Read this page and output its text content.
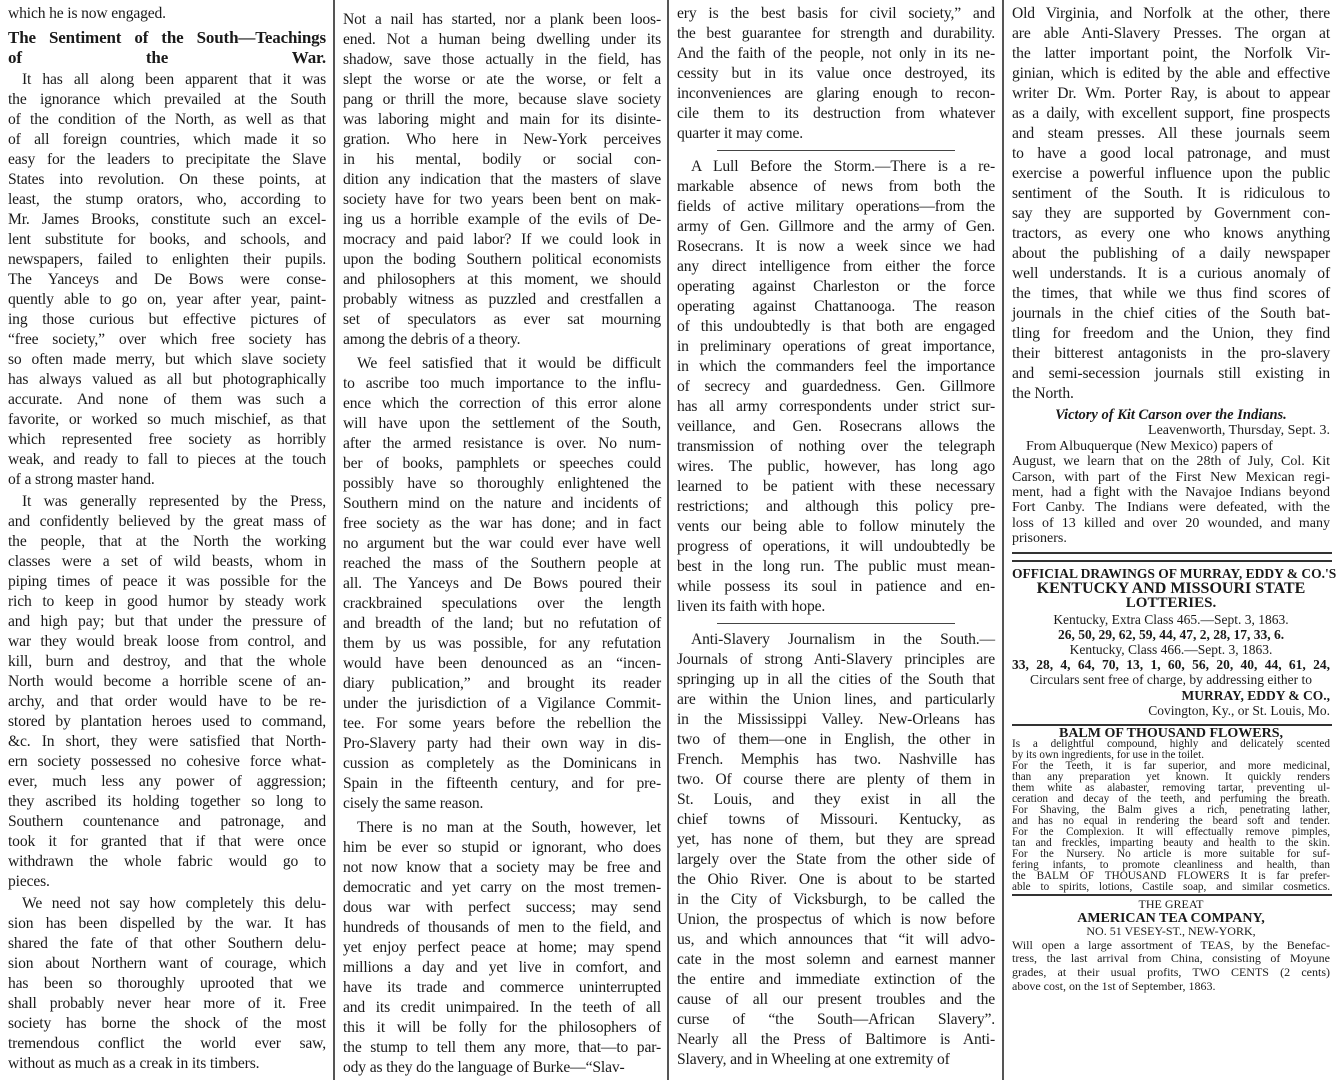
which he is now engaged.
The Sentiment of the South—Teachings
of the War.
It has all along been apparent that it was
the ignorance which prevailed at the South
of the condition of the North, as well as that
of all foreign countries, which made it so
easy for the leaders to precipitate the Slave
States into revolution. On these points, at
least, the stump orators, who, according to
Mr. James Brooks, constitute such an excel-
lent substitute for books, and schools, and
newspapers, failed to enlighten their pupils.
The Yanceys and De Bows were conse-
quently able to go on, year after year, paint-
ing those curious but effective pictures of
“free society,” over which free society has
so often made merry, but which slave society
has always valued as all but photographically
accurate. And none of them was such a
favorite, or worked so much mischief, as that
which represented free society as horribly
weak, and ready to fall to pieces at the touch
of a strong master hand.
It was generally represented by the Press,
and confidently believed by the great mass of
the people, that at the North the working
classes were a set of wild beasts, whom in
piping times of peace it was possible for the
rich to keep in good humor by steady work
and high pay; but that under the pressure of
war they would break loose from control, and
kill, burn and destroy, and that the whole
North would become a horrible scene of an-
archy, and that order would have to be re-
stored by plantation heroes used to command,
&c. In short, they were satisfied that North-
ern society possessed no cohesive force what-
ever, much less any power of aggression;
they ascribed its holding together so long to
Southern countenance and patronage, and
took it for granted that if that were once
withdrawn the whole fabric would go to
pieces.
We need not say how completely this delu-
sion has been dispelled by the war. It has
shared the fate of that other Southern delu-
sion about Northern want of courage, which
has been so thoroughly uprooted that we
shall probably never hear more of it. Free
society has borne the shock of the most
tremendous conflict the world ever saw,
without as much as a creak in its timbers.
Not a nail has started, nor a plank been loos-
ened. Not a human being dwelling under its
shadow, save those actually in the field, has
slept the worse or ate the worse, or felt a
pang or thrill the more, because slave society
was laboring might and main for its disinte-
gration. Who here in New-York perceives
in his mental, bodily or social con-
dition any indication that the masters of slave
society have for two years been bent on mak-
ing us a horrible example of the evils of De-
mocracy and paid labor? If we could look in
upon the boding Southern political economists
and philosophers at this moment, we should
probably witness as puzzled and crestfallen a
set of speculators as ever sat mourning
among the debris of a theory.
We feel satisfied that it would be difficult
to ascribe too much importance to the influ-
ence which the correction of this error alone
will have upon the settlement of the South,
after the armed resistance is over. No num-
ber of books, pamphlets or speeches could
possibly have so thoroughly enlightened the
Southern mind on the nature and incidents of
free society as the war has done; and in fact
no argument but the war could ever have well
reached the mass of the Southern people at
all. The Yanceys and De Bows poured their
crackbrained speculations over the length
and breadth of the land; but no refutation of
them by us was possible, for any refutation
would have been denounced as an “incen-
diary publication,” and brought its reader
under the jurisdiction of a Vigilance Commit-
tee. For some years before the rebellion the
Pro-Slavery party had their own way in dis-
cussion as completely as the Dominicans in
Spain in the fifteenth century, and for pre-
cisely the same reason.
There is no man at the South, however, let
him be ever so stupid or ignorant, who does
not now know that a society may be free and
democratic and yet carry on the most tremen-
dous war with perfect success; may send
hundreds of thousands of men to the field, and
yet enjoy perfect peace at home; may spend
millions a day and yet live in comfort, and
have its trade and commerce uninterrupted
and its credit unimpaired. In the teeth of all
this it will be folly for the philosophers of
the stump to tell them any more, that—to par-
ody as they do the language of Burke—“Slav-
ery is the best basis for civil society,” and
the best guarantee for strength and durability.
And the faith of the people, not only in its ne-
cessity but in its value once destroyed, its
inconveniences are glaring enough to recon-
cile them to its destruction from whatever
quarter it may come.
A Lull Before the Storm.—There is a re-
markable absence of news from both the
fields of active military operations—from the
army of Gen. Gillmore and the army of Gen.
Rosecrans. It is now a week since we had
any direct intelligence from either the force
operating against Charleston or the force
operating against Chattanooga. The reason
of this undoubtedly is that both are engaged
in preliminary operations of great importance,
in which the commanders feel the importance
of secrecy and guardedness. Gen. Gillmore
has all army correspondents under strict sur-
veillance, and Gen. Rosecrans allows the
transmission of nothing over the telegraph
wires. The public, however, has long ago
learned to be patient with these necessary
restrictions; and although this policy pre-
vents our being able to follow minutely the
progress of operations, it will undoubtedly be
best in the long run. The public must mean-
while possess its soul in patience and en-
liven its faith with hope.
Anti-Slavery Journalism in the South.—
Journals of strong Anti-Slavery principles are
springing up in all the cities of the South that
are within the Union lines, and particularly
in the Mississippi Valley. New-Orleans has
two of them—one in English, the other in
French. Memphis has two. Nashville has
two. Of course there are plenty of them in
St. Louis, and they exist in all the
chief towns of Missouri. Kentucky, as
yet, has none of them, but they are spread
largely over the State from the other side of
the Ohio River. One is about to be started
in the City of Vicksburgh, to be called the
Union, the prospectus of which is now before
us, and which announces that “it will advo-
cate in the most solemn and earnest manner
the entire and immediate extinction of the
cause of all our present troubles and the
curse of “the South—African Slavery”.
Nearly all the Press of Baltimore is Anti-
Slavery, and in Wheeling at one extremity of
Old Virginia, and Norfolk at the other, there
are able Anti-Slavery Presses. The organ at
the latter important point, the Norfolk Vir-
ginian, which is edited by the able and effective
writer Dr. Wm. Porter Ray, is about to appear
as a daily, with excellent support, fine prospects
and steam presses. All these journals seem
to have a good local patronage, and must
exercise a powerful influence upon the public
sentiment of the South. It is ridiculous to
say they are supported by Government con-
tractors, as every one who knows anything
about the publishing of a daily newspaper
well understands. It is a curious anomaly of
the times, that while we thus find scores of
journals in the chief cities of the South bat-
tling for freedom and the Union, they find
their bitterest antagonists in the pro-slavery
and semi-secession journals still existing in
the North.
Victory of Kit Carson over the Indians.
Leavenworth, Thursday, Sept. 3.
From Albuquerque (New Mexico) papers of
August, we learn that on the 28th of July, Col. Kit
Carson, with part of the First New Mexican regi-
ment, had a fight with the Navajoe Indians beyond
Fort Canby. The Indians were defeated, with the
loss of 13 killed and over 20 wounded, and many
prisoners.
OFFICIAL DRAWINGS OF MURRAY, EDDY & CO.'S
KENTUCKY AND MISSOURI STATE
LOTTERIES.
Kentucky, Extra Class 465.—Sept. 3, 1863.
26, 50, 29, 62, 59, 44, 47, 2, 28, 17, 33, 6.
Kentucky, Class 466.—Sept. 3, 1863.
33, 28, 4, 64, 70, 13, 1, 60, 56, 20, 40, 44, 61, 24,
Circulars sent free of charge, by addressing either to
MURRAY, EDDY & CO.,
Covington, Ky., or St. Louis, Mo.
BALM OF THOUSAND FLOWERS,
Is a delightful compound, highly and delicately scented
by its own ingredients, for use in the toilet.
For the Teeth, it is far superior, and more medicinal,
than any preparation yet known. It quickly renders
them white as alabaster, removing tartar, preventing ul-
ceration and decay of the teeth, and perfuming the breath.
For Shaving, the Balm gives a rich, penetrating lather,
and has no equal in rendering the beard soft and tender.
For the Complexion. It will effectually remove pimples,
tan and freckles, imparting beauty and health to the skin.
For the Nursery. No article is more suitable for suf-
fering infants, to promote cleanliness and health, than
the BALM OF THOUSAND FLOWERS It is far prefer-
able to spirits, lotions, Castile soap, and similar cosmetics.
THE GREAT
AMERICAN TEA COMPANY,
NO. 51 VESEY-ST., NEW-YORK,
Will open a large assortment of TEAS, by the Benefac-
tress, the last arrival from China, consisting of Moyune
grades, at their usual profits, TWO CENTS (2 cents)
above cost, on the 1st of September, 1863.
